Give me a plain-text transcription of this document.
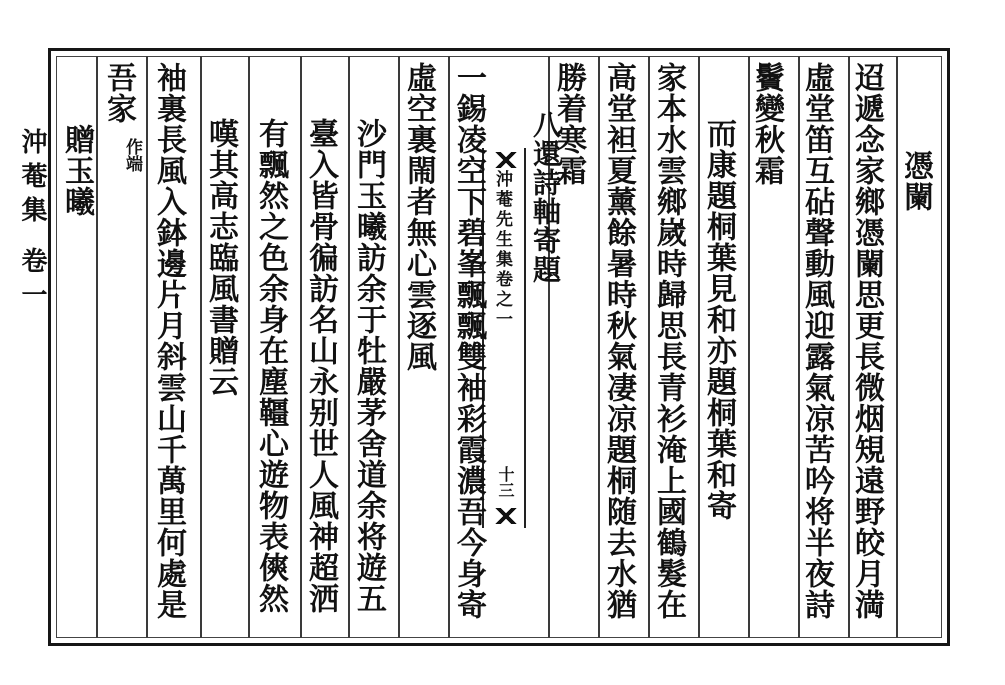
沖菴集 卷一	沖菴先生集卷之一
十三
憑闌
迢遞念家鄉憑闌思更長微烟䂓遠野皎月満
虛堂笛互砧聲動風迎露氣凉苦吟将半夜詩
鬢變秋霜
而康題桐葉見和亦題桐葉和寄
家本水雲鄉嵗時歸思長青衫淹上國鶴髮在
高堂袒夏薰餘暑時秋氣凄凉題桐随去水猶
勝着寒霜
八還詩軸寄題
一錫凌空下碧峯飄飄雙袖彩霞濃吾今身寄
虛空裏閙者無心雲逐風
沙門玉曦訪余于牡嚴茅舍道余将遊五
臺入皆骨徧訪名山永别世人風神超洒
有飄然之色余身在塵韁心遊物表傸然
嘆其高志臨風書贈云
袖裏長風入鉢邊片月斜雲山千萬里何處是
吾家
作端
贈玉曦
